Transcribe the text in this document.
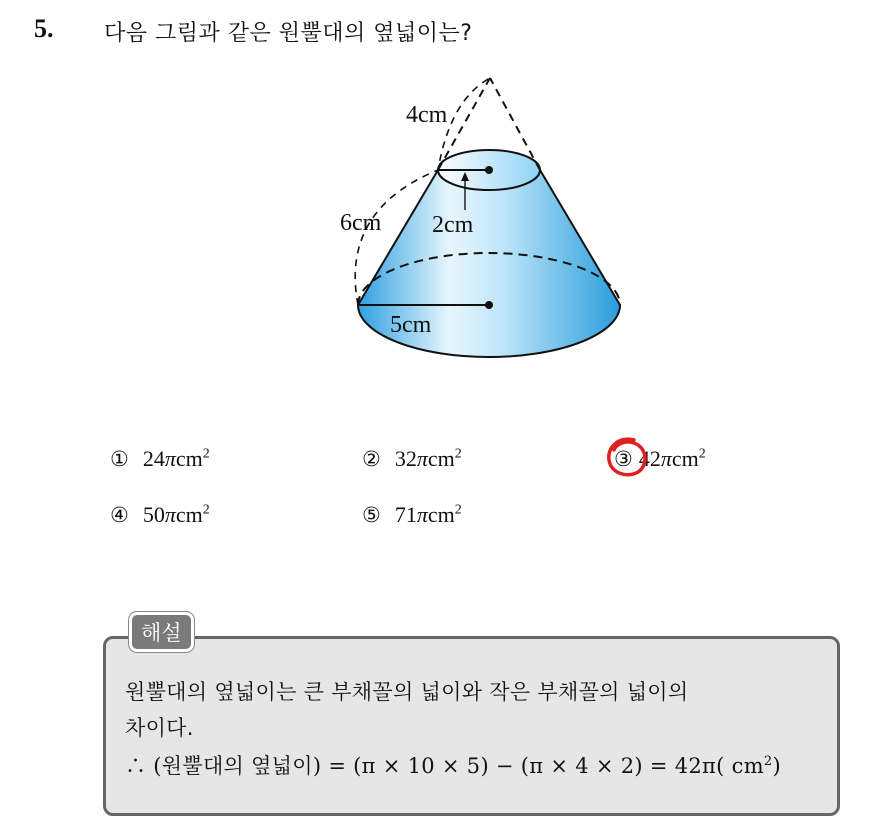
5. 다음 그림과 같은 원뿔대의 옆넓이는?
4cm
6cm 2cm
5cm
① 24πcm$^2$	② 32πcm$^2$	③ 42πcm$^2$
④ 50πcm$^2$	⑤ 71πcm$^2$
해설
원뿔대의 옆넓이는 큰 부채꼴의 넓이와 작은 부채꼴의 넓이의
차이다.
∴ (원뿔대의 옆넓이) = (π × 10 × 5) − (π × 4 × 2) = 42π( $cm^2$)
